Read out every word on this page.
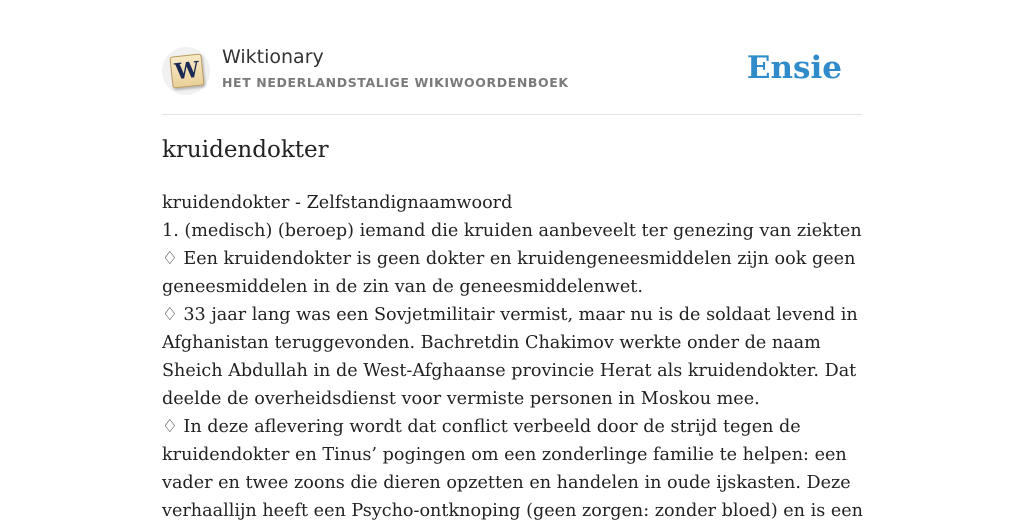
W Wiktionary
HET NEDERLANDSTALIGE WIKIWOORDENBOEK	Ensie
kruidendokter

kruidendokter - Zelfstandignaamwoord

1. (medisch) (beroep) iemand die kruiden aanbeveelt ter genezing van ziekten

♢ Een kruidendokter is geen dokter en kruidengeneesmiddelen zijn ook geen geneesmiddelen in de zin van de geneesmiddelenwet.

♢ 33 jaar lang was een Sovjetmilitair vermist, maar nu is de soldaat levend in Afghanistan teruggevonden. Bachretdin Chakimov werkte onder de naam Sheich Abdullah in de West-Afghaanse provincie Herat als kruidendokter. Dat deelde de overheidsdienst voor vermiste personen in Moskou mee.

♢ In deze aflevering wordt dat conflict verbeeld door de strijd tegen de kruidendokter en Tinus’ pogingen om een zonderlinge familie te helpen: een vader en twee zoons die dieren opzetten en handelen in oude ijskasten. Deze verhaallijn heeft een Psycho-ontknoping (geen zorgen: zonder bloed) en is een
